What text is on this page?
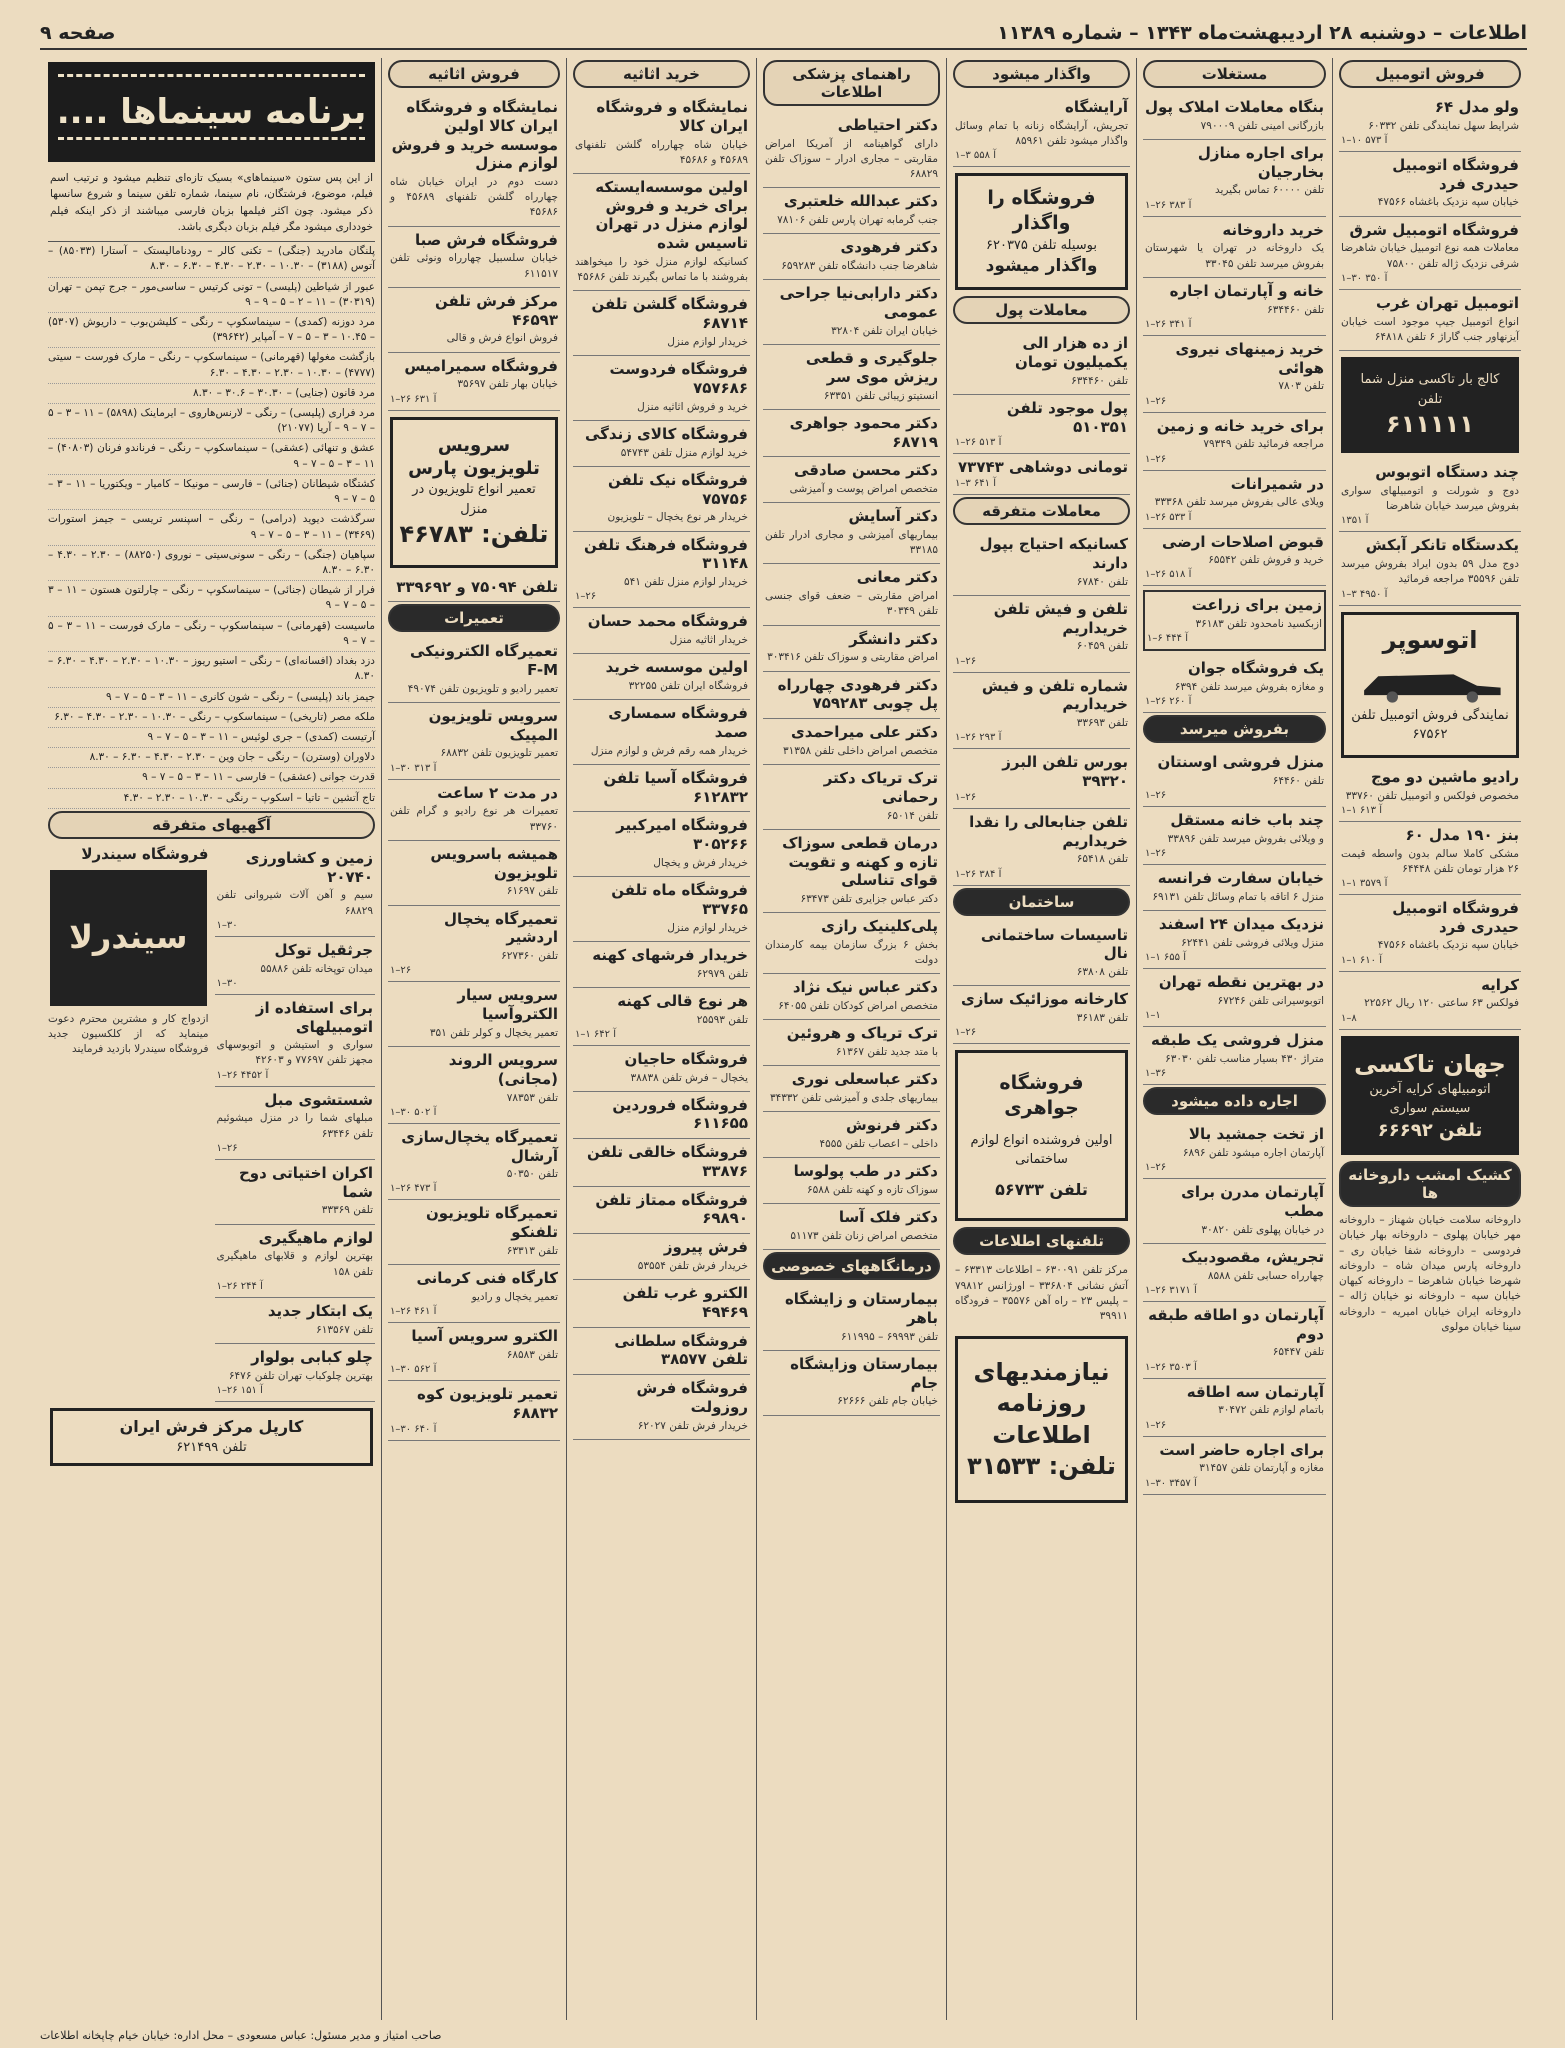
اطلاعات – دوشنبه ۲۸ اردیبهشت‌ماه ۱۳۴۳ – شماره ۱۱۳۸۹
صفحه ۹
فروش اتومبیل
ولو مدل ۶۴
شرایط سهل نمایندگی تلفن ۶۰۳۳۲
۱–۱۰ آ ۵۷۳
فروشگاه اتومبیل حیدری فرد
خیابان سپه نزدیک باغشاه ۴۷۵۶۶
فروشگاه اتومبیل شرق
معاملات همه نوع اتومبیل خیابان شاهرضا شرقی نزدیک ژاله تلفن ۷۵۸۰۰
۱–۳۰ آ ۳۵۰
اتومبیل تهران غرب
انواع اتومبیل جیپ موجود است خیابان آیزنهاور جنب گاراژ ۶ تلفن ۶۴۸۱۸
کالج بار تاکسی منزل شما
تلفن
۶۱۱۱۱۱
چند دستگاه اتوبوس
دوج و شورلت و اتومبیلهای سواری بفروش میرسد خیابان شاهرضا
آ ۱۳۵۱
یکدستگاه تانکر آبکش
دوج مدل ۵۹ بدون ایراد بفروش میرسد تلفن ۳۵۵۹۶ مراجعه فرمائید
۱–۳ آ ۴۹۵۰
اتوسوپر
نمایندگی فروش اتومبیل تلفن ۶۷۵۶۲
رادیو ماشین دو موج
مخصوص فولکس و اتومبیل تلفن ۳۳۷۶۰
۱–۱ آ ۶۱۳
بنز ۱۹۰ مدل ۶۰
مشکی کاملا سالم بدون واسطه قیمت ۲۶ هزار تومان تلفن ۶۴۴۴۸
۱–۱ آ ۳۵۷۹
فروشگاه اتومبیل حیدری فرد
خیابان سپه نزدیک باغشاه ۴۷۵۶۶
۱–۱ آ ۶۱۰
کرایه
فولکس ۶۳ ساعتی ۱۲۰ ریال ۲۲۵۶۲
۱–۸
جهان تاکسی
اتومبیلهای کرایه آخرین سیستم سواری
تلفن ۶۶۶۹۲
کشیک امشب داروخانه ها
داروخانه سلامت خیابان شهناز – داروخانه مهر خیابان پهلوی – داروخانه بهار خیابان فردوسی – داروخانه شفا خیابان ری – داروخانه پارس میدان شاه – داروخانه شهرضا خیابان شاهرضا – داروخانه کیهان خیابان سپه – داروخانه نو خیابان ژاله – داروخانه ایران خیابان امیریه – داروخانه سینا خیابان مولوی
مستغلات
بنگاه معاملات املاک پول
بازرگانی امینی تلفن ۷۹۰۰۰۹
برای اجاره منازل بخارجیان
تلفن ۶۰۰۰۰ تماس بگیرید
۱–۲۶ آ ۳۸۳
خرید داروخانه
یک داروخانه در تهران یا شهرستان بفروش میرسد تلفن ۳۳۰۴۵
خانه و آپارتمان اجاره
تلفن ۶۳۴۴۶۰
۱–۲۶ آ ۳۴۱
خرید زمینهای نیروی هوائی
تلفن ۷۸۰۳
۱–۲۶
برای خرید خانه و زمین
مراجعه فرمائید تلفن ۷۹۳۴۹
۱–۲۶
در شمیرانات
ویلای عالی بفروش میرسد تلفن ۳۳۳۶۸
۱–۲۶ آ ۵۳۳
قبوض اصلاحات ارضی
خرید و فروش تلفن ۶۵۵۴۲
۱–۲۶ آ ۵۱۸
زمین برای زراعت
ازبکسید نامحدود تلفن ۳۶۱۸۳
۱–۶ آ ۴۴۴
یک فروشگاه جوان
و مغازه بفروش میرسد تلفن ۶۳۹۴
۱–۲۶ آ ۲۶۰
بفروش میرسد
منزل فروشی اوسنتان
تلفن ۶۴۴۶۰
۱–۲۶
چند باب خانه مستقل
و ویلائی بفروش میرسد تلفن ۳۳۸۹۶
۱–۲۶
خیابان سفارت فرانسه
منزل ۶ اتاقه با تمام وسائل تلفن ۶۹۱۳۱
نزدیک میدان ۲۴ اسفند
منزل ویلائی فروشی تلفن ۶۲۴۴۱
۱–۱ آ ۶۵۵
در بهترین نقطه تهران
اتوبوسیرانی تلفن ۶۷۲۴۶
۱–۱
منزل فروشی یک طبقه
متراژ ۴۳۰ بسیار مناسب تلفن ۶۳۰۳۰
۱–۳۶
اجاره داده میشود
از تخت جمشید بالا
آپارتمان اجاره میشود تلفن ۶۸۹۶
۱–۲۶
آپارتمان مدرن برای مطب
در خیابان پهلوی تلفن ۳۰۸۲۰
تجریش، مقصودبیک
چهارراه حسابی تلفن ۸۵۸۸
۱–۲۶ آ ۳۱۷۱
آپارتمان دو اطاقه طبقه دوم
تلفن ۶۵۴۴۷
۱–۲۶ آ ۳۵۰۳
آپارتمان سه اطاقه
باتمام لوازم تلفن ۳۰۴۷۲
۱–۲۶
برای اجاره حاضر است
مغازه و آپارتمان تلفن ۳۱۴۵۷
۱–۳۰ آ ۳۴۵۷
واگذار میشود
آرایشگاه
تجریش، آرایشگاه زنانه با تمام وسائل واگذار میشود تلفن ۸۵۹۶۱
۱–۳ آ ۵۵۸
فروشگاه را واگذار
بوسیله تلفن ۶۲۰۳۷۵
واگذار میشود
معاملات پول
از ده هزار الی یکمیلیون تومان
تلفن ۶۳۴۴۶۰
پول موجود تلفن ۵۱۰۳۵۱
۱–۲۶ آ ۵۱۳
تومانی دوشاهی ۷۳۷۴۳
۱–۳ آ ۶۴۱
معاملات متفرقه
کسانیکه احتیاج بپول دارند
تلفن ۶۷۸۴۰
تلفن و فیش تلفن خریداریم
تلفن ۶۰۴۵۹
۱–۲۶
شماره تلفن و فیش خریداریم
تلفن ۳۳۶۹۳
۱–۲۶ آ ۲۹۳
بورس تلفن البرز ۳۹۳۲۰
۱–۲۶
تلفن جنابعالی را نقدا خریداریم
تلفن ۶۵۴۱۸
۱–۲۶ آ ۳۸۴
ساختمان
تاسیسات ساختمانی نال
تلفن ۶۳۸۰۸
کارخانه موزائیک سازی
تلفن ۳۶۱۸۳
۱–۲۶
فروشگاه جواهری
اولین فروشنده انواع لوازم ساختمانی
تلفن ۵۶۷۳۳
تلفنهای اطلاعات
مرکز تلفن ۶۳۰۰۹۱ – اطلاعات ۶۳۳۱۳ – آتش نشانی ۳۳۶۸۰۴ – اورژانس ۷۹۸۱۲ – پلیس ۲۳ – راه آهن ۳۵۵۷۶ – فرودگاه ۳۹۹۱۱
نیازمندیهای
روزنامه اطلاعات
تلفن: ۳۱۵۳۳
راهنمای پزشکی اطلاعات
دکتر احتیاطی
دارای گواهینامه از آمریکا امراض مقاربتی – مجاری ادرار – سوزاک تلفن ۶۸۸۲۹
دکتر عبدالله خلعتبری
جنب گرمابه تهران پارس تلفن ۷۸۱۰۶
دکتر فرهودی
شاهرضا جنب دانشگاه تلفن ۶۵۹۲۸۳
دکتر دارابی‌نیا جراحی عمومی
خیابان ایران تلفن ۳۲۸۰۴
جلوگیری و قطعی ریزش موی سر
انستیتو زیبائی تلفن ۶۳۳۵۱
دکتر محمود جواهری ۶۸۷۱۹
دکتر محسن صادقی
متخصص امراض پوست و آمیزشی
دکتر آسایش
بیماریهای آمیزشی و مجاری ادرار تلفن ۳۳۱۸۵
دکتر معانی
امراض مقاربتی – ضعف قوای جنسی تلفن ۳۰۳۴۹
دکتر دانشگر
امراض مقاربتی و سوزاک تلفن ۳۰۳۴۱۶
دکتر فرهودی چهارراه پل چوبی ۷۵۹۲۸۳
دکتر علی میراحمدی
متخصص امراض داخلی تلفن ۳۱۳۵۸
ترک تریاک دکتر رحمانی
تلفن ۶۵۰۱۴
درمان قطعی سوزاک تازه و کهنه و تقویت قوای تناسلی
دکتر عباس جزایری تلفن ۶۳۴۷۳
پلی‌کلینیک رازی
بخش ۶ بزرگ سازمان بیمه کارمندان دولت
دکتر عباس نیک نژاد
متخصص امراض کودکان تلفن ۶۴۰۵۵
ترک تریاک و هروئین
با متد جدید تلفن ۶۱۳۶۷
دکتر عباسعلی نوری
بیماریهای جلدی و آمیزشی تلفن ۳۴۳۳۲
دکتر فرنوش
داخلی – اعصاب تلفن ۴۵۵۵
دکتر در طب پولوسا
سوزاک تازه و کهنه تلفن ۶۵۸۸
دکتر فلک آسا
متخصص امراض زنان تلفن ۵۱۱۷۳
درمانگاههای خصوصی
بیمارستان و زایشگاه باهر
تلفن ۶۹۹۹۳ – ۶۱۱۹۹۵
بیمارستان وزایشگاه جام
خیابان جام تلفن ۶۲۶۶۶
خرید اثاثیه
نمایشگاه و فروشگاه ایران کالا
خیابان شاه چهارراه گلشن تلفنهای ۴۵۶۸۹ و ۴۵۶۸۶
اولین موسسه‌ایستکه برای خرید و فروش لوازم منزل در تهران تاسیس شده
کسانیکه لوازم منزل خود را میخواهند بفروشند با ما تماس بگیرند تلفن ۴۵۶۸۶
فروشگاه گلشن تلفن ۶۸۷۱۴
خریدار لوازم منزل
فروشگاه فردوست ۷۵۷۶۸۶
خرید و فروش اثاثیه منزل
فروشگاه کالای زندگی
خرید لوازم منزل تلفن ۵۴۷۴۳
فروشگاه نیک تلفن ۷۵۷۵۶
خریدار هر نوع یخچال – تلویزیون
فروشگاه فرهنگ تلفن ۳۱۱۴۸
خریدار لوازم منزل تلفن ۵۴۱
۱–۲۶
فروشگاه محمد حسان
خریدار اثاثیه منزل
اولین موسسه خرید
فروشگاه ایران تلفن ۳۲۲۵۵
فروشگاه سمساری صمد
خریدار همه رقم فرش و لوازم منزل
فروشگاه آسیا تلفن ۶۱۲۸۳۲
فروشگاه امیرکبیر ۳۰۵۲۶۶
خریدار فرش و یخچال
فروشگاه ماه تلفن ۳۳۷۶۵
خریدار لوازم منزل
خریدار فرشهای کهنه
تلفن ۶۲۹۷۹
هر نوع قالی کهنه
تلفن ۲۵۵۹۳
۱–۱ آ ۶۴۲
فروشگاه حاجیان
یخچال – فرش تلفن ۳۸۸۳۸
فروشگاه فروردین ۶۱۱۶۵۵
فروشگاه خالقی تلفن ۳۳۸۷۶
فروشگاه ممتاز تلفن ۶۹۸۹۰
فرش پیروز
خریدار فرش تلفن ۵۳۵۵۴
الکترو غرب تلفن ۴۹۴۶۹
فروشگاه سلطانی تلفن ۳۸۵۷۷
فروشگاه فرش روزولت
خریدار فرش تلفن ۶۲۰۲۷
فروش اثاثیه
نمایشگاه و فروشگاه ایران کالا اولین موسسه خرید و فروش لوازم منزل
دست دوم در ایران خیابان شاه چهارراه گلشن تلفنهای ۴۵۶۸۹ و ۴۵۶۸۶
فروشگاه فرش صبا
خیابان سلسبیل چهارراه ونوئی تلفن ۶۱۱۵۱۷
مرکز فرش تلفن ۴۶۵۹۳
فروش انواع فرش و قالی
فروشگاه سمیرامیس
خیابان بهار تلفن ۳۵۶۹۷
۱–۲۶ آ ۶۳۱
سرویس تلویزیون پارس
تعمیر انواع تلویزیون در منزل
تلفن: ۴۶۷۸۳
تلفن ۷۵۰۹۴ و ۳۳۹۶۹۲
تعمیرات
تعمیرگاه الکترونیکی F-M
تعمیر رادیو و تلویزیون تلفن ۴۹۰۷۴
سرویس تلویزیون المپیک
تعمیر تلویزیون تلفن ۶۸۸۳۲
۱–۳۰ آ ۳۱۳
در مدت ۲ ساعت
تعمیرات هر نوع رادیو و گرام تلفن ۳۳۷۶۰
همیشه باسرویس تلویزیون
تلفن ۶۱۶۹۷
تعمیرگاه یخچال اردشیر
تلفن ۶۲۷۳۶۰
۱–۲۶
سرویس سیار الکتروآسیا
تعمیر یخچال و کولر تلفن ۳۵۱
سرویس الروند (مجانی)
تلفن ۷۸۳۵۳
۱–۳۰ آ ۵۰۲
تعمیرگاه یخچال‌سازی آرشال
تلفن ۵۰۳۵۰
۱–۲۶ آ ۴۷۳
تعمیرگاه تلویزیون تلفنکو
تلفن ۶۳۳۱۳
کارگاه فنی کرمانی
تعمیر یخچال و رادیو
۱–۲۶ آ ۴۶۱
الکترو سرویس آسیا
تلفن ۶۸۵۸۳
۱–۳۰ آ ۵۶۲
تعمیر تلویزیون کوه ۶۸۸۳۲
۱–۳۰ آ ۶۴۰
برنامه سینماها ....
از این پس ستون «سینماهای» بسیک تازه‌ای تنظیم میشود و ترتیب اسم فیلم، موضوع، فرشتگان، نام سینما، شماره تلفن سینما و شروع سانسها ذکر میشود. چون اکثر فیلمها بزبان فارسی میباشند از ذکر اینکه فیلم خودداری میشود مگر فیلم بزبان دیگری باشد.
پلنگان مادرید (جنگی) – تکنی کالر – رودنامالیستک – آستارا (۸۵۰۳۳) – آتوس (۳۱۸۸) – ۱۰.۳۰ – ۲.۳۰ – ۴.۳۰ – ۶.۳۰ – ۸.۳۰
عبور از شیاطین (پلیسی) – تونی کرتیس – ساسی‌مور – جرج تپمن – تهران (۳۰۳۱۹) – ۱۱ – ۲ – ۵ – ۹ – ۹
مرد دوزنه (کمدی) – سینماسکوپ – رنگی – کلیشن‌بوب – داریوش (۵۳۰۷) – ۱۰.۴۵ – ۳ – ۵ – ۷ – آمپایر (۳۹۶۴۲)
بازگشت مغولها (قهرمانی) – سینماسکوپ – رنگی – مارک فورست – سیتی (۴۷۷۷) – ۱۰.۳۰ – ۲.۳۰ – ۴.۳۰ – ۶.۳۰
مرد قانون (جنایی) – ۳۰.۳۰ – ۳۰.۶ – ۸.۳۰
مرد فراری (پلیسی) – رنگی – لارنس‌هاروی – ایرماینک (۵۸۹۸) – ۱۱ – ۳ – ۵ – ۷ – ۹ – آریا (۲۱۰۷۷)
عشق و تنهائی (عشقی) – سینماسکوپ – رنگی – فرناندو فرنان (۴۰۸۰۳) – ۱۱ – ۳ – ۵ – ۷ – ۹
کشتگاه شیطانان (جنائی) – فارسی – مونیکا – کامیار – ویکتوریا – ۱۱ – ۳ – ۵ – ۷ – ۹
سرگذشت دیوید (درامی) – رنگی – اسپنسر تریسی – جیمز استورات (۳۴۶۹) – ۱۱ – ۳ – ۵ – ۷ – ۹
سپاهیان (جنگی) – رنگی – سونی‌سیتی – نوروی (۸۸۲۵۰) – ۲.۳۰ – ۴.۳۰ – ۶.۳۰ – ۸.۳۰
فرار از شیطان (جنائی) – سینماسکوپ – رنگی – چارلتون هستون – ۱۱ – ۳ – ۵ – ۷ – ۹
ماسیست (قهرمانی) – سینماسکوپ – رنگی – مارک فورست – ۱۱ – ۳ – ۵ – ۷ – ۹
دزد بغداد (افسانه‌ای) – رنگی – استیو ریوز – ۱۰.۳۰ – ۲.۳۰ – ۴.۳۰ – ۶.۳۰ – ۸.۳۰
جیمز باند (پلیسی) – رنگی – شون کانری – ۱۱ – ۳ – ۵ – ۷ – ۹
ملکه مصر (تاریخی) – سینماسکوپ – رنگی – ۱۰.۳۰ – ۲.۳۰ – ۴.۳۰ – ۶.۳۰
آرتیست (کمدی) – جری لوئیس – ۱۱ – ۳ – ۵ – ۷ – ۹
دلاوران (وسترن) – رنگی – جان وین – ۲.۳۰ – ۴.۳۰ – ۶.۳۰ – ۸.۳۰
قدرت جوانی (عشقی) – فارسی – ۱۱ – ۳ – ۵ – ۷ – ۹
تاج آتشین – تاتیا – اسکوپ – رنگی – ۱۰.۳۰ – ۲.۳۰ – ۴.۳۰
آگهیهای متفرقه
زمین و کشاورزی ۲۰۷۴۰
سیم و آهن آلات شیروانی تلفن ۶۸۸۲۹
۱–۳۰
جرثقیل توکل
میدان توپخانه تلفن ۵۵۸۸۶
۱–۳۰
برای استفاده از اتومبیلهای
سواری و استیشن و اتوبوسهای مجهز تلفن ۷۷۶۹۷ و ۴۲۶۰۳
۱–۲۶ آ ۴۴۵۲
شستشوی مبل
مبلهای شما را در منزل میشوئیم تلفن ۶۳۴۴۶
۱–۲۶
اکران اختیاتی دوح شما
تلفن ۳۳۳۶۹
لوازم ماهیگیری
بهترین لوازم و قلابهای ماهیگیری تلفن ۱۵۸
۱–۲۶ آ ۲۴۴
یک ابتکار جدید
تلفن ۶۱۳۵۶۷
چلو کبابی بولوار
بهترین چلوکباب تهران تلفن ۶۴۷۶
۱–۲۶ آ ۱۵۱
فروشگاه سیندرلا
سیندرلا
ازدواج کار و مشترین محترم دعوت مینماید که از کلکسیون جدید فروشگاه سیندرلا بازدید فرمایند
کارپل مرکز فرش ایران
تلفن ۶۲۱۴۹۹
صاحب امتیاز و مدیر مسئول: عباس مسعودی – محل اداره: خیابان خیام چاپخانه اطلاعات
